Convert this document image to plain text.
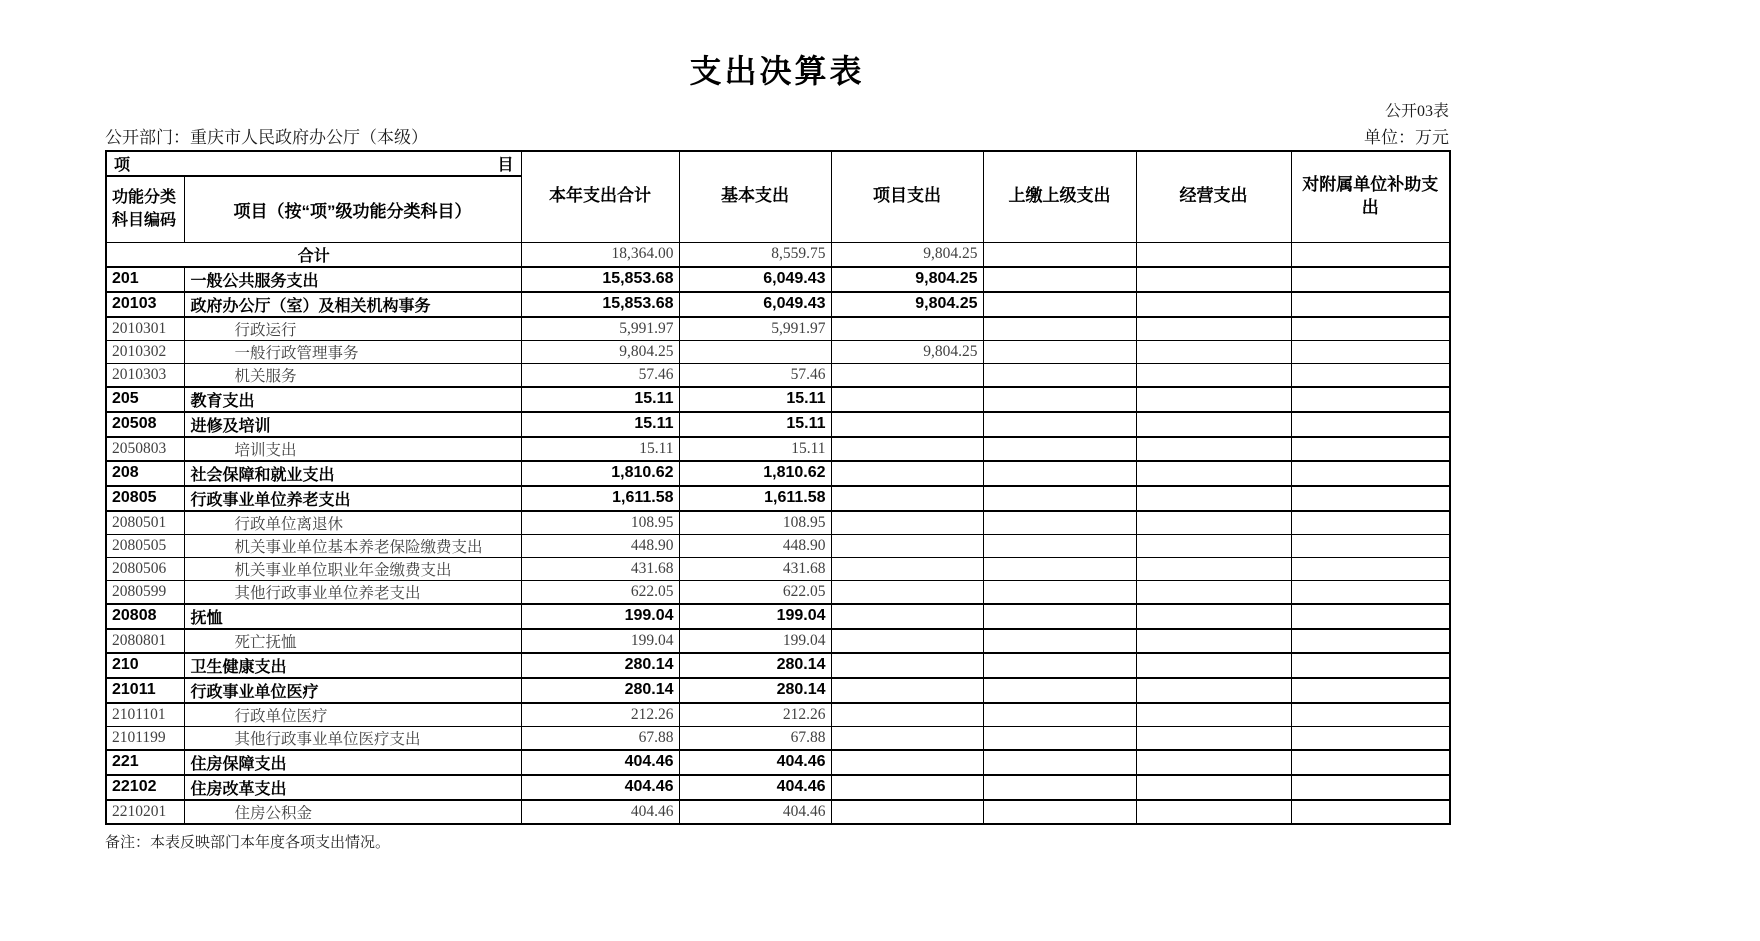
支出决算表
公开03表
公开部门：重庆市人民政府办公厅（本级）	单位：万元
项 目		本年支出合计	基本支出	项目支出	上缴上级支出	经营支出	对附属单位补助支出

功能分类
科目编码	项目（按“项”级功能分类科目）						
合计		18,364.00	8,559.75	9,804.25			
201	一般公共服务支出	15,853.68	6,049.43	9,804.25			
20103	政府办公厅（室）及相关机构事务	15,853.68	6,049.43	9,804.25			
2010301	行政运行	5,991.97	5,991.97				
2010302	一般行政管理事务	9,804.25		9,804.25			
2010303	机关服务	57.46	57.46				
205	教育支出	15.11	15.11				
20508	进修及培训	15.11	15.11				
2050803	培训支出	15.11	15.11				
208	社会保障和就业支出	1,810.62	1,810.62				
20805	行政事业单位养老支出	1,611.58	1,611.58				
2080501	行政单位离退休	108.95	108.95				
2080505	机关事业单位基本养老保险缴费支出	448.90	448.90				
2080506	机关事业单位职业年金缴费支出	431.68	431.68				
2080599	其他行政事业单位养老支出	622.05	622.05				
20808	抚恤	199.04	199.04				
2080801	死亡抚恤	199.04	199.04				
210	卫生健康支出	280.14	280.14				
21011	行政事业单位医疗	280.14	280.14				
2101101	行政单位医疗	212.26	212.26				
2101199	其他行政事业单位医疗支出	67.88	67.88				
221	住房保障支出	404.46	404.46				
22102	住房改革支出	404.46	404.46				
2210201	住房公积金	404.46	404.46				
备注：本表反映部门本年度各项支出情况。
